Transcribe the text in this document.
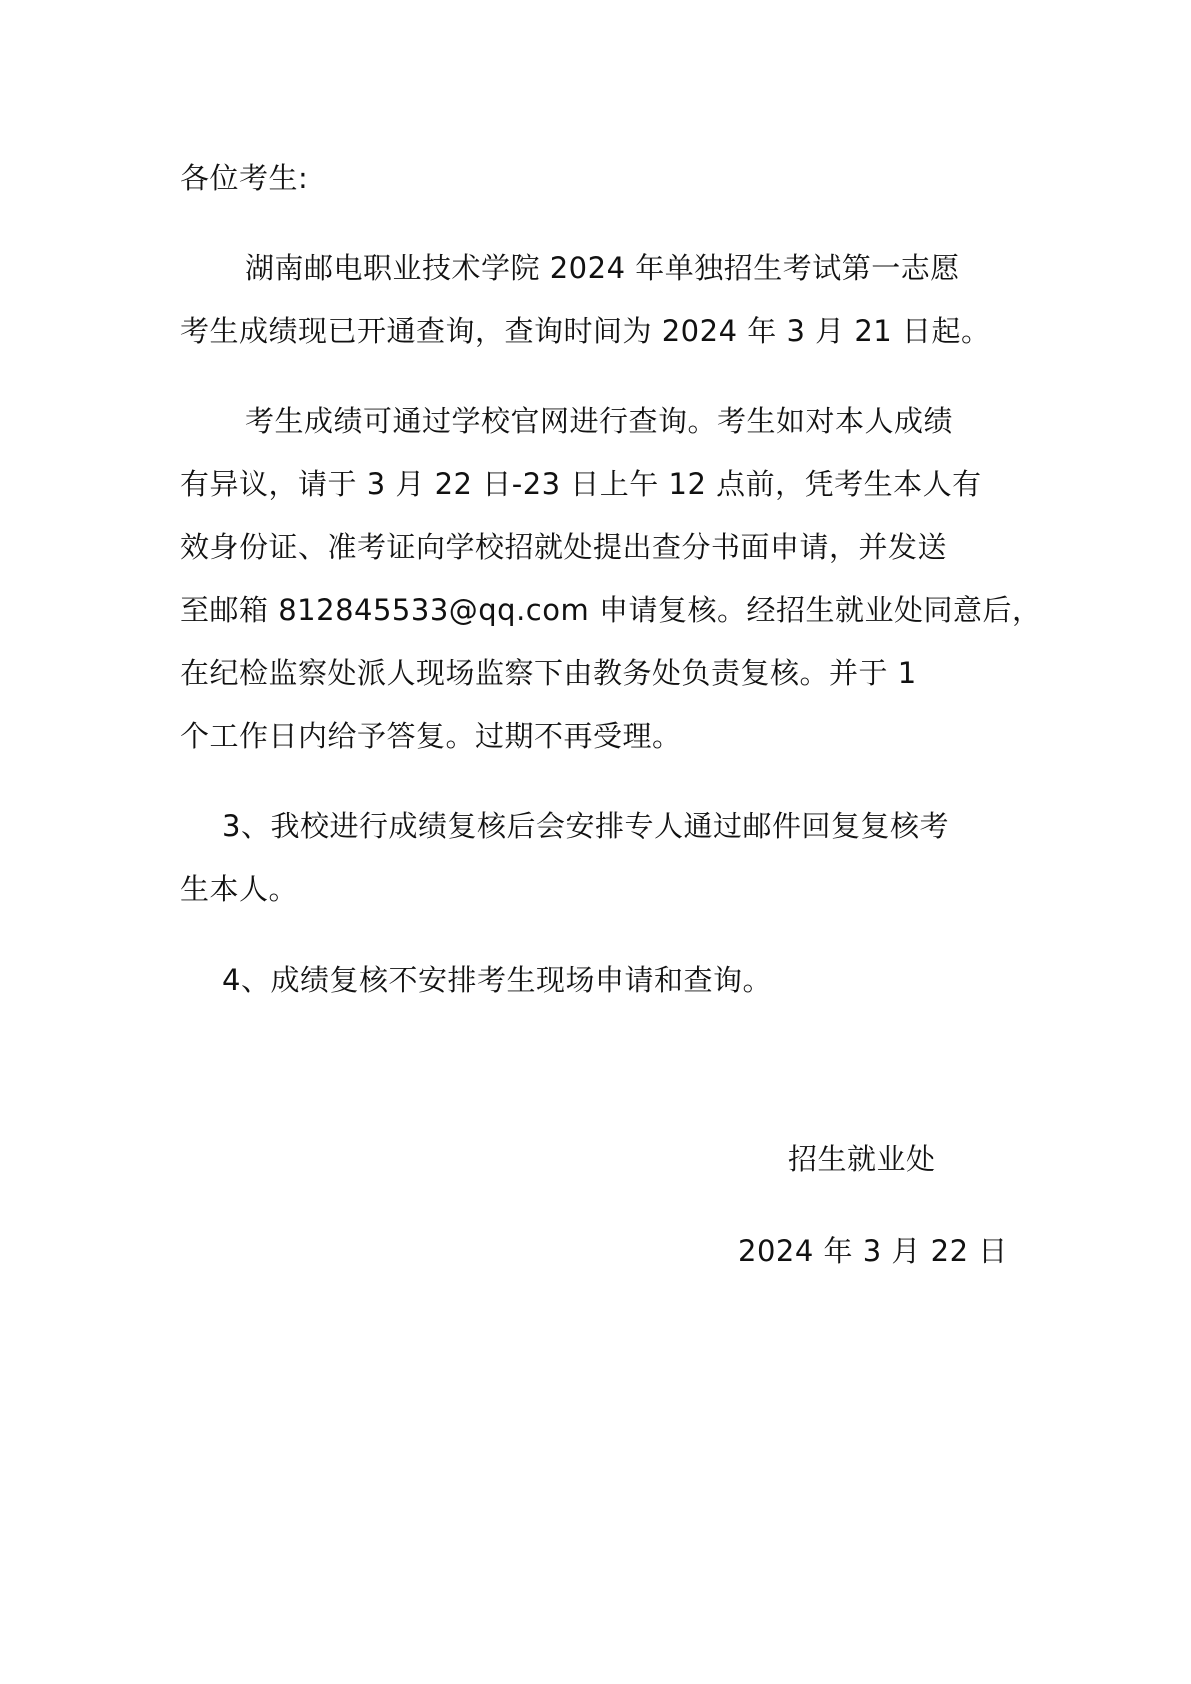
各位考生:
湖南邮电职业技术学院 2024 年单独招生考试第一志愿
考生成绩现已开通查询，查询时间为 2024 年 3 月 21 日起。
考生成绩可通过学校官网进行查询。考生如对本人成绩
有异议，请于 3 月 22 日-23 日上午 12 点前，凭考生本人有
效身份证、准考证向学校招就处提出查分书面申请，并发送
至邮箱 812845533@qq.com 申请复核。经招生就业处同意后，
在纪检监察处派人现场监察下由教务处负责复核。并于 1
个工作日内给予答复。过期不再受理。
3、我校进行成绩复核后会安排专人通过邮件回复复核考
生本人。
4、成绩复核不安排考生现场申请和查询。
招生就业处
2024 年 3 月 22 日
